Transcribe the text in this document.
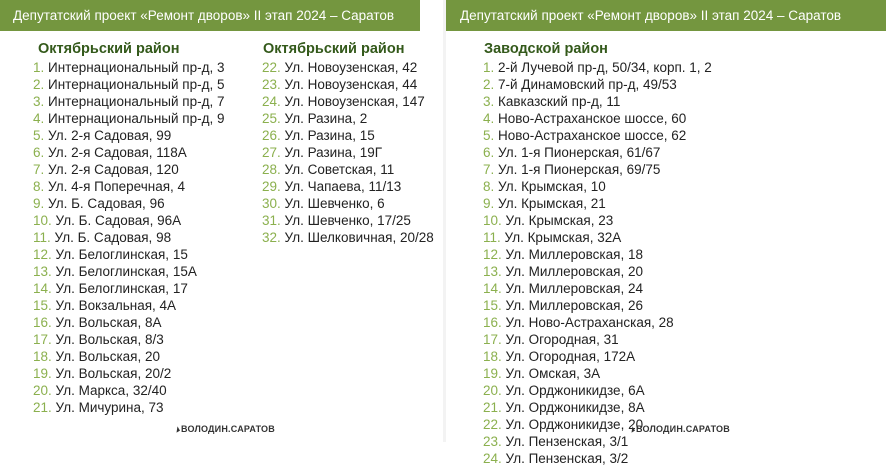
Депутатский проект «Ремонт дворов» II этап 2024 – Саратов	Депутатский проект «Ремонт дворов» II этап 2024 – Саратов
Октябрьский район
1. Интернациональный пр-д, 3
2. Интернациональный пр-д, 5
3. Интернациональный пр-д, 7
4. Интернациональный пр-д, 9
5. Ул. 2-я Садовая, 99
6. Ул. 2-я Садовая, 118А
7. Ул. 2-я Садовая, 120
8. Ул. 4-я Поперечная, 4
9. Ул. Б. Садовая, 96
10. Ул. Б. Садовая, 96А
11. Ул. Б. Садовая, 98
12. Ул. Белоглинская, 15
13. Ул. Белоглинская, 15А
14. Ул. Белоглинская, 17
15. Ул. Вокзальная, 4А
16. Ул. Вольская, 8А
17. Ул. Вольская, 8/3
18. Ул. Вольская, 20
19. Ул. Вольская, 20/2
20. Ул. Маркса, 32/40
21. Ул. Мичурина, 73
Октябрьский район
22. Ул. Новоузенская, 42
23. Ул. Новоузенская, 44
24. Ул. Новоузенская, 147
25. Ул. Разина, 2
26. Ул. Разина, 15
27. Ул. Разина, 19Г
28. Ул. Советская, 11
29. Ул. Чапаева, 11/13
30. Ул. Шевченко, 6
31. Ул. Шевченко, 17/25
32. Ул. Шелковичная, 20/28
Заводской район
1. 2-й Лучевой пр-д, 50/34, корп. 1, 2
2. 7-й Динамовский пр-д, 49/53
3. Кавказский пр-д, 11
4. Ново-Астраханское шоссе, 60
5. Ново-Астраханское шоссе, 62
6. Ул. 1-я Пионерская, 61/67
7. Ул. 1-я Пионерская, 69/75
8. Ул. Крымская, 10
9. Ул. Крымская, 21
10. Ул. Крымская, 23
11. Ул. Крымская, 32А
12. Ул. Миллеровская, 18
13. Ул. Миллеровская, 20
14. Ул. Миллеровская, 24
15. Ул. Миллеровская, 26
16. Ул. Ново-Астраханская, 28
17. Ул. Огородная, 31
18. Ул. Огородная, 172А
19. Ул. Омская, 3А
20. Ул. Орджоникидзе, 6А
21. Ул. Орджоникидзе, 8А
22. Ул. Орджоникидзе, 20
23. Ул. Пензенская, 3/1
24. Ул. Пензенская, 3/2
ВОЛОДИН.САРАТОВ	ВОЛОДИН.САРАТОВ
